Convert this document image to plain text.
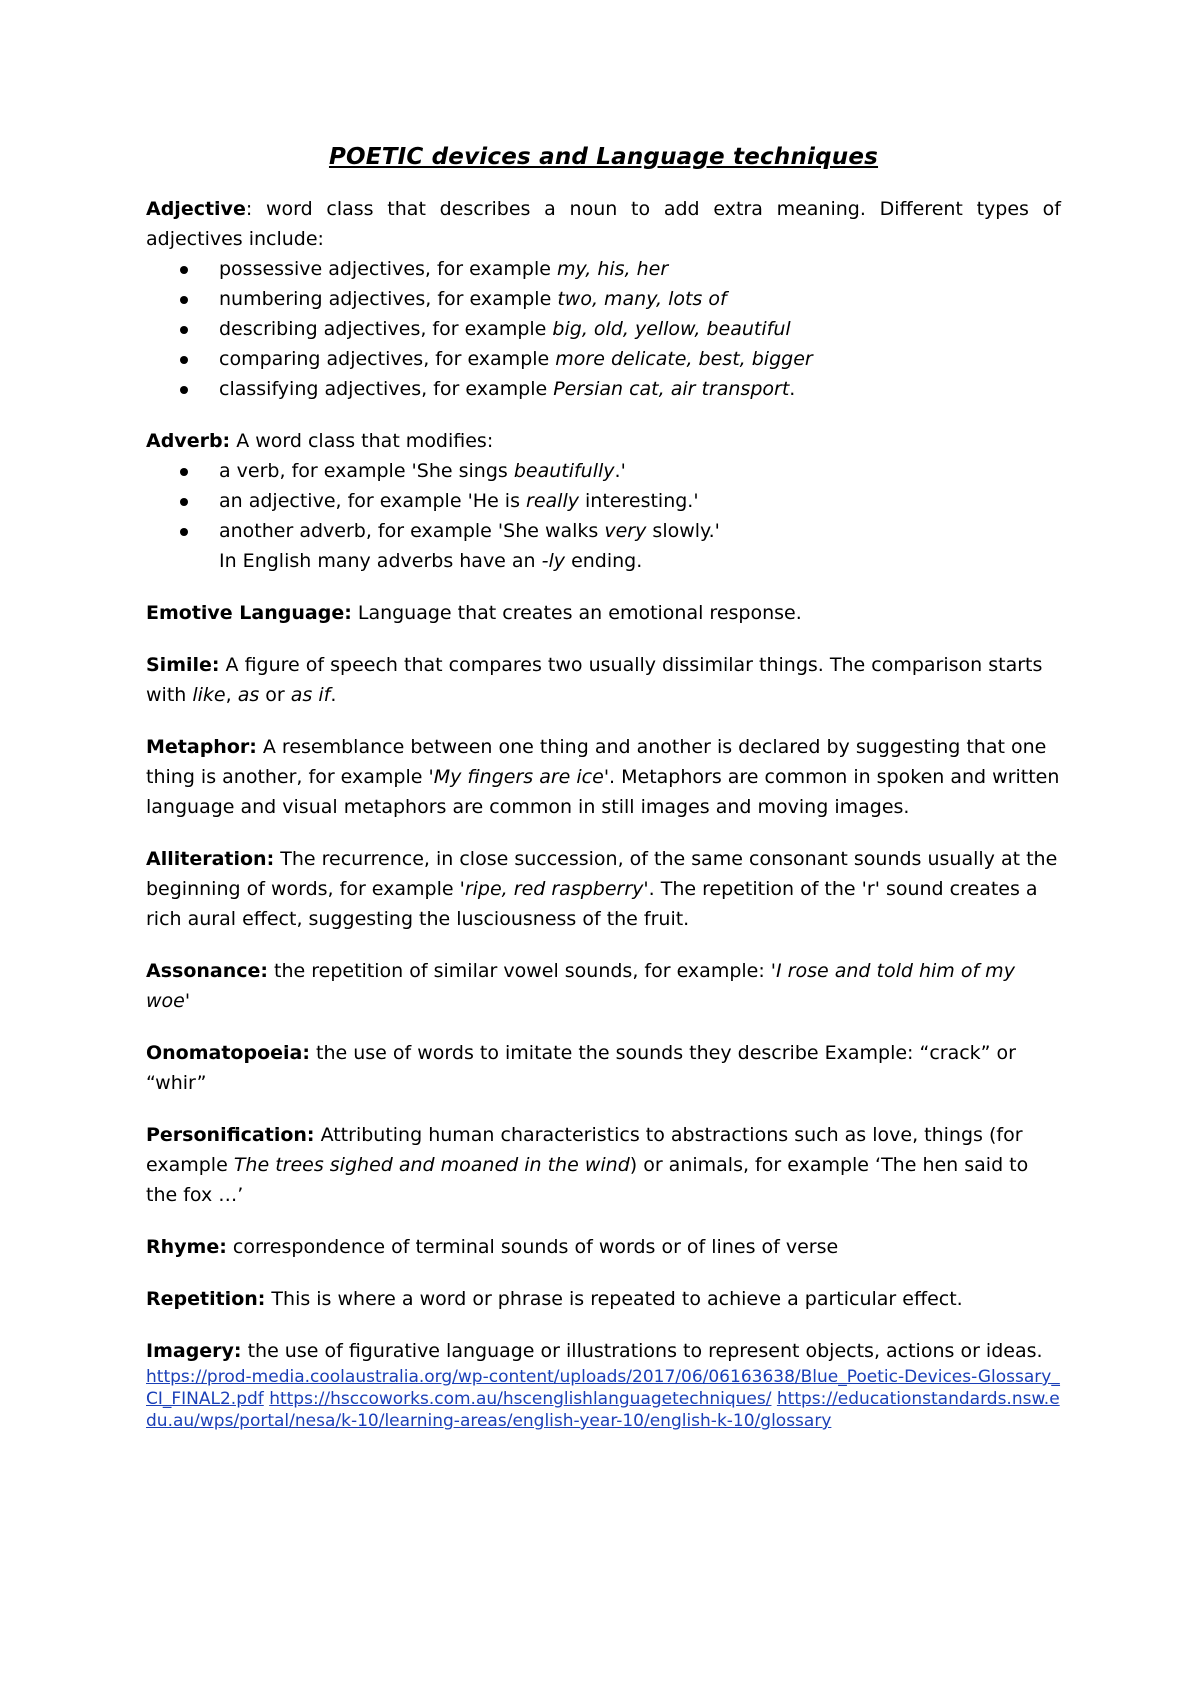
POETIC devices and Language techniques
Adjective: word class that describes a noun to add extra meaning. Different types of adjectives include:
possessive adjectives, for example my, his, her
numbering adjectives, for example two, many, lots of
describing adjectives, for example big, old, yellow, beautiful
comparing adjectives, for example more delicate, best, bigger
classifying adjectives, for example Persian cat, air transport.
Adverb: A word class that modifies:
a verb, for example 'She sings beautifully.'
an adjective, for example 'He is really interesting.'
another adverb, for example 'She walks very slowly.'
In English many adverbs have an -ly ending.
Emotive Language: Language that creates an emotional response.
Simile: A figure of speech that compares two usually dissimilar things. The comparison starts with like, as or as if.
Metaphor: A resemblance between one thing and another is declared by suggesting that one thing is another, for example 'My fingers are ice'. Metaphors are common in spoken and written language and visual metaphors are common in still images and moving images.
Alliteration: The recurrence, in close succession, of the same consonant sounds usually at the beginning of words, for example 'ripe, red raspberry'. The repetition of the 'r' sound creates a rich aural effect, suggesting the lusciousness of the fruit.
Assonance: the repetition of similar vowel sounds, for example: 'I rose and told him of my woe'
Onomatopoeia: the use of words to imitate the sounds they describe Example: “crack” or “whir”
Personification: Attributing human characteristics to abstractions such as love, things (for example The trees sighed and moaned in the wind) or animals, for example ‘The hen said to the fox …’
Rhyme: correspondence of terminal sounds of words or of lines of verse
Repetition: This is where a word or phrase is repeated to achieve a particular effect.
Imagery: the use of figurative language or illustrations to represent objects, actions or ideas.
https://prod-media.coolaustralia.org/wp-content/uploads/2017/06/06163638/Blue_Poetic-Devices-Glossary_CI_FINAL2.pdf https://hsccoworks.com.au/hscenglishlanguagetechniques/ https://educationstandards.nsw.edu.au/wps/portal/nesa/k-10/learning-areas/english-year-10/english-k-10/glossary
